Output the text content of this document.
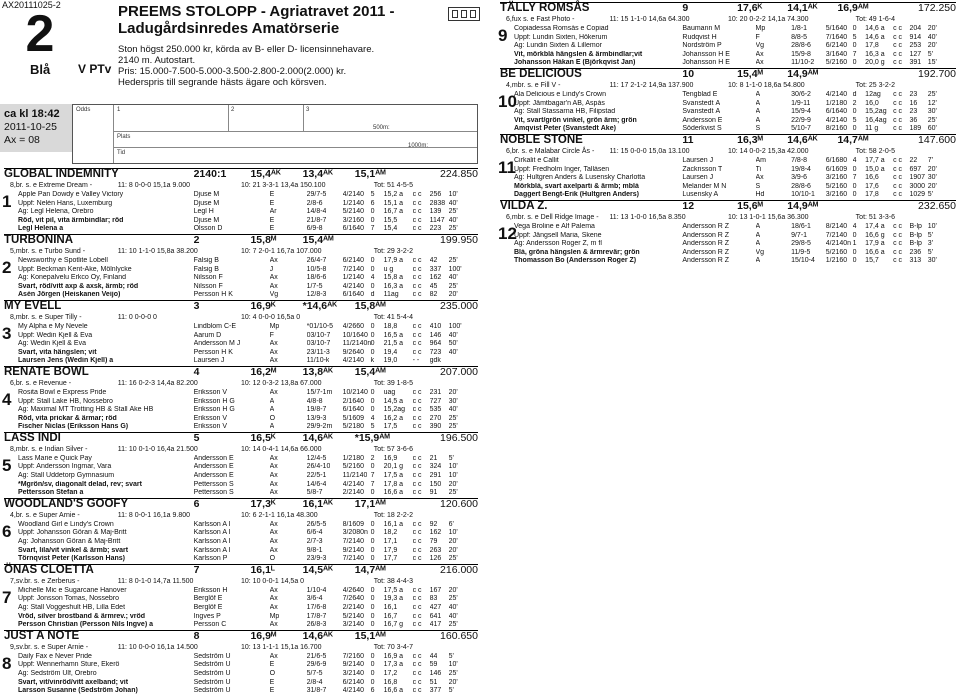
AX20111025-2
2
Blå V PTv
PREEMS STOLOPP - Agriatravet 2011 - Ladugårdsinredes Amatörserie
Ston högst 250.000 kr, körda av B- eller D- licensinnehavare.
2140 m. Autostart.
Pris: 15.000-7.500-5.000-3.500-2.800-2.000(2.000) kr.
Hederspris till segrande hästs ägare och körsven.
ca kl 18:42
2011-10-25
Ax = 08
Odds	1	2	3
Plats
Tid
500m:
1000m:
GLOBAL INDEMNITY	2140:1 15,4ᴬᴷ 13,4ᴬᴷ 15,1ᴬᴹ	224.850
8,br. s. e Extreme Dream -	11: 8 0-0-0 15,1a 9.000	10: 21 3-3-1 13,4a 150.100	Tot: 51 4-5-5
1 Apple Pan Dowdy e Valley Victory	Djuse M	E	29/7-5 4/2140 5 15,2 a c c 256 10'
Uppf: Nelén Hans, Luxemburg	Djuse M	E	2/8-6	1/2140 6 15,1 a c c 2838 40'
Äg: Legl Helena, Örebro	Legl H	År	14/8-4 5/2140 0 16,7 a c c 139 25'
Röd, vit pil, vita ärmbindlar; röd	Djuse M	E	21/8-7 3/2160 0 15,5 c c 1147 40'
Legl Helena a	Olsson D	E	6/9-8	6/1640 7 15,4 c c 223 25'
TURBONINA	2	15,8ᴹ	15,4ᴬᴹ	199.950
5,mbr. s. e Turbo Sund -	11: 10 1-1-0 15,8a 38.200	10: 7 2-0-1 16,7a 107.000	Tot: 29 3-2-2
2 Newsworthy e Spotlite Lobell	Falsig B	Ax	26/4-7 6/2140 0 17,9 a c c 42 25'
Uppf: Beckman Kent-Åke, Mölnlycke	Falsig B	J	10/5-8 7/2140 0 u g	c c 337 100'
Äg: Konepalvelu Erkco Oy, Finland	Nilsson F	Ax	18/6-6 1/2140 4 15,8 a c c 162 40'
Svart, röd/vitt axp & axsk, ärmb; röd	Nilsson F	Ax	1/7-5	4/2140 0 16,3 a c c 45 25'
Åsén Jörgen (Heiskanen Veijo)	Persson H K	Vg	12/8-3 6/1640 d 11ag c c 82 20'
MY EVELL	3	16,9ᴷ	*14,6ᴬᴷ 15,8ᴬᴹ	235.000
8,mbr. s. e Super Tilly -	11: 0 0-0-0 0	10: 4 0-0-0 16,5a 0	Tot: 41 5-4-4
3 My Alpha e My Nevele	Lindblom C-E	Mp	*01/10-5 4/2660 0 18,8 c c 410 100'
Uppf: Wedin Kjell & Eva	Aarum D	F	03/10-7 10/1640 0 16,5 a c c 146 40'
Äg: Wedin Kjell & Eva	Andersson M J	Ax	03/10-7 11/2140n 0 21,5 a c c 964 50'
Svart, vita hängslen; vit	Persson H K	Ax	23/11-3 9/2640 0 19,4 c c 723 40'
Laursen Jens (Wedin Kjell) a	Laursen J	Ax	11/10-k 4/2140 k 19,0 - - gdk
RENATE BOWL	4	16,2ᴹ	13,8ᴬᴷ 15,4ᴬᴹ	207.000
6,br. s. e Revenue -	11: 16 0-2-3 14,4a 82.200	10: 12 0-3-2 13,8a 67.000	Tot: 39 1-8-5
4 Rosita Bowl e Express Pride	Eriksson V	Ax	15/7-1m 10/2140 0 uag c c 231 20'
Uppf: Stall Lake HB, Nossebro	Eriksson H G	Å	4/8-8	2/1640 0 14,5 a c c 727 30'
Äg: Maximal MT Trotting HB & Stall Åke HB	Eriksson H G	Å	19/8-7 6/1640 0 15,2ag c c 535 40'
Röd, vita prickar & ärmar; röd	Eriksson V	Ö	13/9-3 5/1609 4 16,2 a c c 270 25'
Fischer Niclas (Eriksson Hans G)	Eriksson V	Å	29/9-2m 5/2180 5 17,5 c c 390 25'
LASS INDI	5	16,5ᴷ	14,6ᴬᴷ *15,9ᴬᴹ	196.500
8,mbr. s. e Indian Silver -	11: 10 0-1-0 16,4a 21.500	10: 14 0-4-1 14,6a 66.000	Tot: 57 3-6-6
5 Lass Marie e Quick Pay	Andersson E	Ax	12/4-5 1/2180 2 16,9 c c 21 5'
Uppf: Andersson Ingmar, Vara	Andersson E	Ax	26/4-10 5/2160 0 20,1 g c c 324 10'
Äg: Stall Uddetorp Gymnasium	Andersson E	Ax	22/5-1 11/2140 7 17,5 a c c 291 10'
*Mgrön/sv, diagonalt delad, rev; svart	Pettersson S	Ax	14/6-4 4/2140 7 17,8 a c c 150 20'
Pettersson Stefan a	Pettersson S	Ax	5/8-7	2/2140 0 16,6 a c c 91 25'
WOODLAND'S GOOFY	6	17,3ᴷ	16,1ᴬᴷ 17,1ᴬᴹ	120.600
4,br. s. e Super Arnie -	11: 8 0-0-1 16,1a 9.800	10: 6 2-1-1 16,1a 48.300	Tot: 18 2-2-2
6 Woodland Girl e Lindy's Crown	Karlsson A I	Ax	26/5-5 8/1609 0 16,1 a c c 92 6'
Uppf: Johansson Göran & Maj-Britt	Karlsson A I	Ax	6/6-4	3/2080n 0 18,2 c c 162 10'
Äg: Johansson Göran & Maj-Britt	Karlsson A I	Ax	2/7-3	7/2140 0 17,1 c c 79 20'
Svart, lila/vit vinkel & ärmb; svart	Karlsson A I	Ax	9/8-1	9/2140 0 17,9 c c 263 20'
Törnqvist Peter (Karlsson Hans)	Karlsson P	Ö	23/9-3 7/2140 0 17,7 c c 126 25'
ÖNAS CLOETTA	7	16,1ᴸ	14,5ᴬᴷ 14,7ᴬᴹ	216.000
7,sv.br. s. e Zerberus -	11: 8 0-1-0 14,7a 11.500	10: 10 0-0-1 14,5a 0	Tot: 38 4-4-3
7 Michelle Mic e Sugarcane Hanover	Eriksson H	Ax	1/10-4 4/2640 0 17,5 a c c 167 20'
Uppf: Jonsson Tomas, Nossebro	Berglöf E	Ax	3/6-4	7/2640 0 19,3 a c c 83 25'
Äg: Stall Voggeshult HB, Lilla Edet	Berglöf E	Ax	17/6-8 2/2140 0 16,1 c c 427 40'
Vröd, silver brostband & ärmrev.; vröd	Ingves P	Mp	17/8-7 5/2140 0 16,7 c c 641 40'
Persson Christian (Persson Nils Ingve) a	Persson C	Ax	26/8-3 3/2140 0 16,7 g c c 417 25'
JUST A NOTE	8	16,9ᴹ	14,6ᴬᴷ 15,1ᴬᴹ	160.650
9,sv.br. s. e Super Arnie -	11: 10 0-0-0 16,1a 14.500	10: 13 1-1-1 15,1a 16.700	Tot: 70 3-4-7
8 Daily Fax e Never Pride	Sedström U	Ax	21/6-5 7/2160 0 16,9 a c c 44 5'
Uppf: Wennerhamn Sture, Ekerö	Sedström U	E	29/6-9 9/2140 0 17,3 a c c 59 10'
Äg: Sedström Ulf, Örebro	Sedström U	Ö	5/7-5	3/2140 0 17,2 c c 146 25'
Svart, vit/vinröd/vitt axelband; vit	Sedström U	E	2/8-4	6/2140 0 16,8 c c 51 20'
Larsson Susanne (Sedström Johan)	Sedström U	E	31/8-7 4/2140 6 16,6 a c c 377 5'
TÄLLY ROMSÅS	9	17,6ᴷ 14,1ᴬᴷ 16,9ᴬᴹ	172.250
6,fux s. e Fast Photo -	11: 15 1-1-0 14,6a 64.300	10: 20 0-2-2 14,1a 74.300	Tot: 49 1-6-4
9 Copiadessa Romsås e Copiad	Baumann M	Mp	1/8-1	5/1640 0 14,6 a c c 204 20'
Uppf: Lundin Sixten, Hökerum	Rudqvist H	F	8/8-5	7/1640 5 14,6 a c c 914 40'
Äg: Lundin Sixten & Lillemor	Nordström P	Vg	28/8-6 6/2140 0 17,8 c c 253 20'
Vit, mörkblå hängslen & ärmbindlar;vit	Johansson H E	Ax	15/9-8 3/1640 7 16,3 a c c 127 5'
Johansson Håkan E (Björkqvist Jan)	Johansson H E	Ax	11/10-2 5/2160 0 20,0 g c c 391 15'
BE DELICIOUS	10	15,4ᴹ 14,9ᴬᴹ	192.700
4,mbr. s. e Fill V -	11: 17 2-1-2 14,9a 137.900	10: 8 1-1-0 18,6a 54.800	Tot: 25 3-2-2
10
Ala Delicious e Lindy's Crown	Tengblad E	Å	30/6-2 4/2140 d 12ag c c 23 25'
Uppf: Jämtbagar'n AB, Aspås	Svanstedt Å	Å	1/9-11 1/2180 2 16,0 c c 16 12'
Äg: Stall Stassarna HB, Filipstad	Svanstedt Å	Å	15/9-4 6/1640 0 15,2ag c c 23 30'
Vit, svart/grön vinkel, grön ärm; grön	Andersson E	Å	22/9-9 4/2140 5 16,4ag c c 36 25'
Amqvist Peter (Svanstedt Åke)	Söderkvist S	S	5/10-7 8/2160 0 11 g c c 189 60'
NOBLE STONE	11	16,3ᴹ 14,6ᴬᴷ 14,7ᴬᴹ	147.600
6,br. s. e Malabar Circle Ås - 11: 15 0-0-0 15,0a 13.100	10: 14 0-0-2 15,3a 42.000	Tot: 58 2-0-5
11
Cirkalit e Callit	Laursen J	Åm	7/8-8	6/1680 4 17,7 a c c 22 7'
Uppf: Fredholm Inger, Tallåsen	Zackrisson T	Ti	19/8-4 6/1609 0 15,0 a c c 697 20'
Äg: Hultgren Anders & Lusensky Charlotta	Laursen J	Ax	3/9-6	3/2160 7 16,6 c c 1907 30'
Mörkblå, svart axelparti & ärmb; mblå	Melander M N	S	28/8-6 5/2160 0 17,6 c c 3000 20'
Daggert Bengt-Erik (Hultgren Anders)	Lusensky A	Hd	10/10-1 3/2160 0 17,8 c c 1029 5'
VILDA Z.	12	15,6ᴹ 14,9ᴬᴹ	232.650
6,mbr. s. e Dell Ridge Image - 11: 13 1-0-0 16,5a 8.350	10: 13 1-0-1 15,6a 36.300	Tot: 51 3-3-6
12
Vega Broline e Alf Palema	Andersson R Z	Å	18/6-1 8/2140 4 17,4 a c c B-lp 10'
Uppf: Jängsell Maria, Skene	Andersson R Z	Å	9/7-1	7/2140 0 16,6 g c c B-lp 5'
Äg: Andersson Roger Z, m fl	Andersson R Z	Å	29/8-5 4/2140n 1 17,9 a c c B-lp 3'
Blå, gröna hängslen & ärmrevär; grön	Andersson R Z	Vg	11/9-5 5/2160 0 16,6 a c c 236 5'
Thomasson Bo (Andersson Roger Z)	Andersson R Z	Å	15/10-4 1/2160 0 15,7 c c 313 30'
